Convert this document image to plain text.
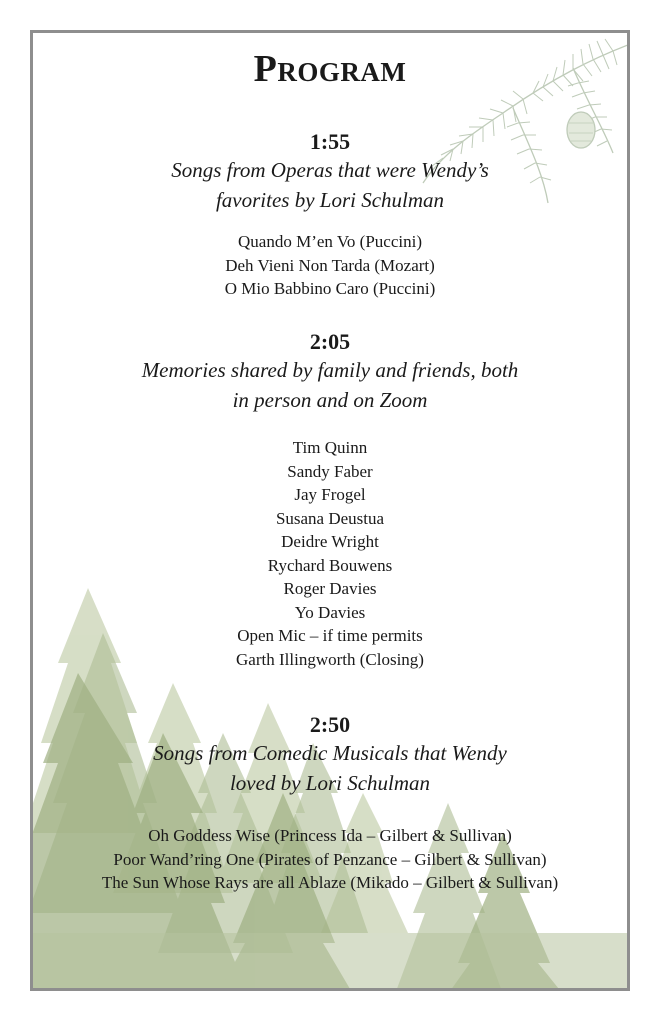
Program
1:55
Songs from Operas that were Wendy’s
favorites by Lori Schulman
Quando M’en Vo (Puccini)
Deh Vieni Non Tarda (Mozart)
O Mio Babbino Caro (Puccini)
2:05
Memories shared by family and friends, both
in person and on Zoom
Tim Quinn
Sandy Faber
Jay Frogel
Susana Deustua
Deidre Wright
Rychard Bouwens
Roger Davies
Yo Davies
Open Mic – if time permits
Garth Illingworth (Closing)
2:50
Songs from Comedic Musicals that Wendy
loved by Lori Schulman
Oh Goddess Wise (Princess Ida – Gilbert & Sullivan)
Poor Wand’ring One (Pirates of Penzance – Gilbert & Sullivan)
The Sun Whose Rays are all Ablaze (Mikado – Gilbert & Sullivan)
